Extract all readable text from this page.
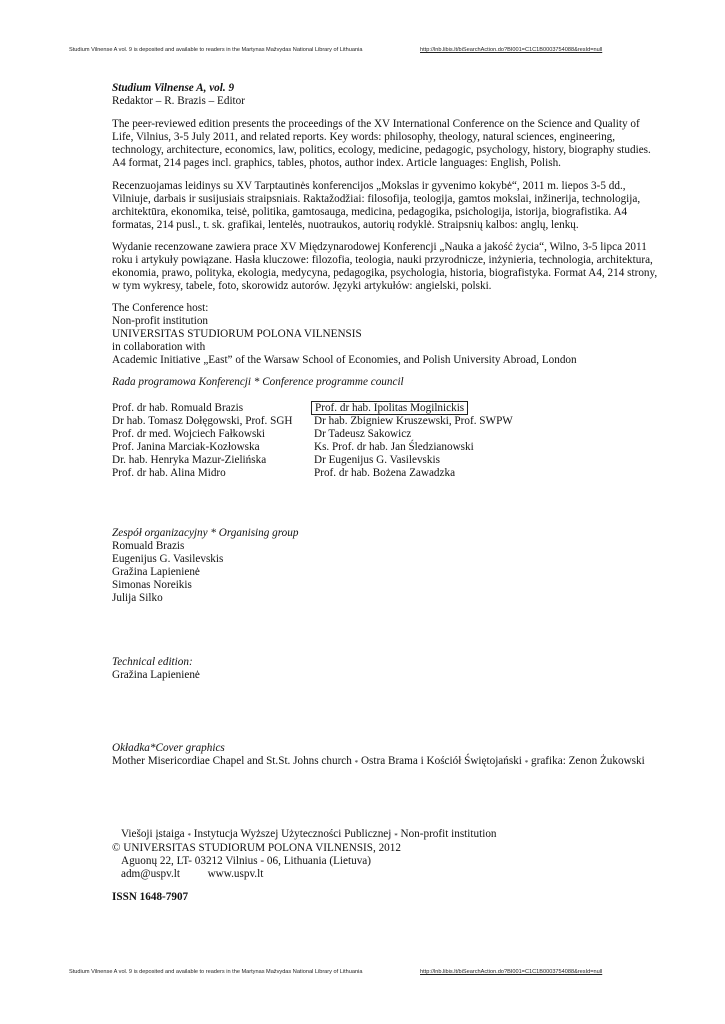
Studium Vilnense A vol. 9 is deposited and available to readers in the Martynas Mažvydas National Library of Lithuania	http://lnb.libis.lt/biSearchAction.do?BI001=C1C1B0003754088&resId=null

Studium Vilnense A, vol. 9

Redaktor – R. Brazis – Editor

The peer-reviewed edition presents the proceedings of the XV International Conference on the Science and Quality of Life, Vilnius, 3-5 July 2011, and related reports. Key words: philosophy, theology, natural sciences, engineering, technology, architecture, economics, law, politics, ecology, medicine, pedagogic, psychology, history, biography studies. A4 format, 214 pages incl. graphics, tables, photos, author index. Article languages: English, Polish.

Recenzuojamas leidinys su XV Tarptautinės konferencijos „Mokslas ir gyvenimo kokybė“, 2011 m. liepos 3-5 dd., Vilniuje, darbais ir susijusiais straipsniais. Raktažodžiai: filosofija, teologija, gamtos mokslai, inžinerija, technologija, architektūra, ekonomika, teisė, politika, gamtosauga, medicina, pedagogika, psichologija, istorija, biografistika. A4 formatas, 214 pusl., t. sk. grafikai, lentelės, nuotraukos, autorių rodyklė. Straipsnių kalbos: anglų, lenkų.

Wydanie recenzowane zawiera prace XV Międzynarodowej Konferencji „Nauka a jakość życia“, Wilno, 3-5 lipca 2011 roku i artykuły powiązane. Hasła kluczowe: filozofia, teologia, nauki przyrodnicze, inżynieria, technologia, architektura, ekonomia, prawo, polityka, ekologia, medycyna, pedagogika, psychologia, historia, biografistyka. Format A4, 214 strony, w tym wykresy, tabele, foto, skorowidz autorów. Języki artykułów: angielski, polski.

The Conference host:

Non-profit institution

UNIVERSITAS STUDIORUM POLONA VILNENSIS

in collaboration with

Academic Initiative „East” of the Warsaw School of Economies, and Polish University Abroad, London

Rada programowa Konferencji * Conference programme council

Prof. dr hab. Romuald Brazis

Dr hab. Tomasz Dołęgowski, Prof. SGH

Prof. dr med. Wojciech Fałkowski

Prof. Janina Marciak-Kozłowska

Dr. hab. Henryka Mazur-Zielińska

Prof. dr hab. Alina Midro

Prof. dr hab. Ipolitas Mogilnickis

Dr hab. Zbigniew Kruszewski, Prof. SWPW

Dr Tadeusz Sakowicz

Ks. Prof. dr hab. Jan Śledzianowski

Dr Eugenijus G. Vasilevskis

Prof. dr hab. Bożena Zawadzka

Zespół organizacyjny * Organising group

Romuald Brazis

Eugenijus G. Vasilevskis

Gražina Lapienienė

Simonas Noreikis

Julija Silko

Technical edition:

Gražina Lapienienė

Okładka*Cover graphics

Mother Misericordiae Chapel and St.St. Johns church * Ostra Brama i Kościół Świętojański * grafika: Zenon Żukowski

Viešoji įstaiga * Instytucja Wyższej Użyteczności Publicznej * Non-profit institution

© UNIVERSITAS STUDIORUM POLONA VILNENSIS, 2012

Aguonų 22, LT- 03212 Vilnius - 06, Lithuania (Lietuva)

adm@uspv.lt www.uspv.lt

ISSN 1648-7907
Studium Vilnense A vol. 9 is deposited and available to readers in the Martynas Mažvydas National Library of Lithuania	http://lnb.libis.lt/biSearchAction.do?BI001=C1C1B0003754088&resId=null
